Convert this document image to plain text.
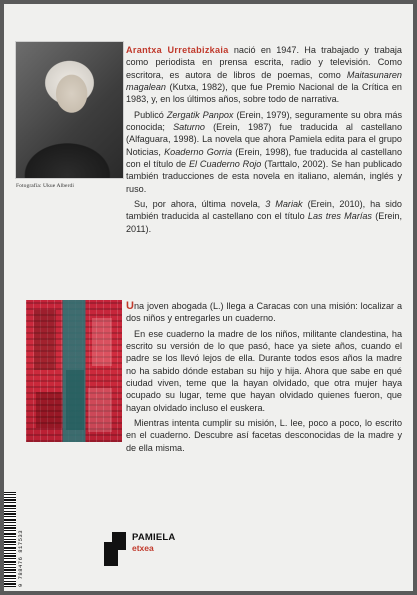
Fotografía: Ukue Alberdi

Arantxa Urretabizkaia nació en 1947. Ha trabajado y trabaja como periodista en prensa escrita, radio y televisión. Como escritora, es autora de libros de poemas, como Maitasunaren magalean (Kutxa, 1982), que fue Premio Nacional de la Crítica en 1983, y, en los últimos años, sobre todo de narrativa.

Publicó Zergatik Panpox (Erein, 1979), seguramente su obra más conocida; Saturno (Erein, 1987) fue traducida al castellano (Alfaguara, 1998). La novela que ahora Pamiela edita para el grupo Noticias, Koaderno Gorria (Erein, 1998), fue traducida al castellano con el título de El Cuaderno Rojo (Tarttalo, 2002). Se han publicado también traducciones de esta novela en italiano, alemán, inglés y ruso.

Su, por ahora, última novela, 3 Mariak (Erein, 2010), ha sido también traducida al castellano con el título Las tres Marías (Erein, 2011).

Una joven abogada (L.) llega a Caracas con una misión: localizar a dos niños y entregarles un cuaderno.

En ese cuaderno la madre de los niños, militante clandestina, ha escrito su versión de lo que pasó, hace ya siete años, cuando el padre se los llevó lejos de ella. Durante todos esos años la madre no ha sabido dónde estaban su hijo y hija. Ahora que sabe en qué ciudad viven, teme que la hayan olvidado, que otra mujer haya ocupado su lugar, teme que hayan olvidado quienes fueron, que hayan olvidado incluso el euskera.

Mientras intenta cumplir su misión, L. lee, poco a poco, lo escrito en el cuaderno. Descubre así facetas desconocidas de la madre y de ella misma.

9 788476 817533	PAMIELA
etxea
